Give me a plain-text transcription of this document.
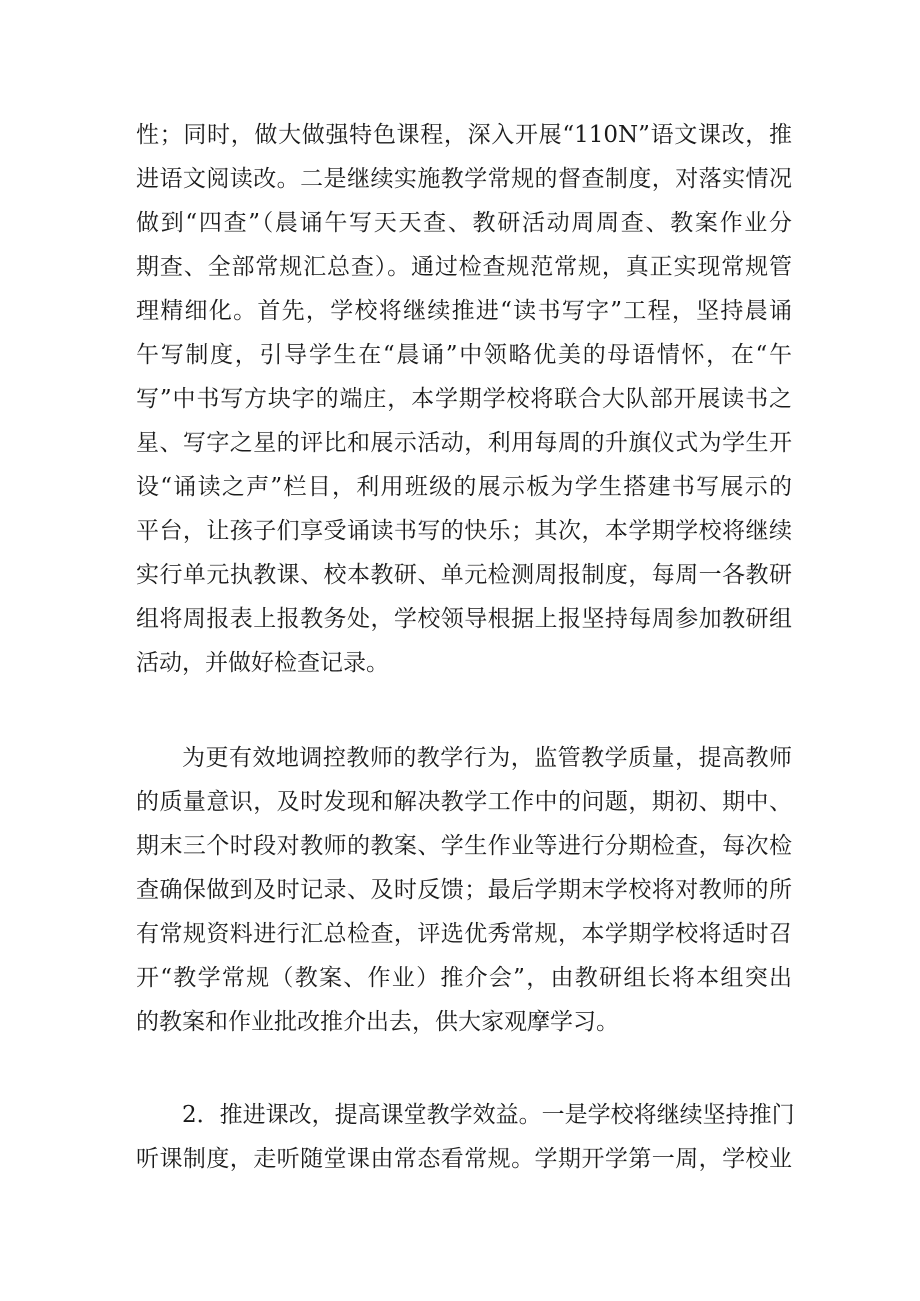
性；同时，做大做强特色课程，深入开展“110N”语文课改，推
进语文阅读改。二是继续实施教学常规的督查制度，对落实情况
做到“四查”（晨诵午写天天查、教研活动周周查、教案作业分
期查、全部常规汇总查）。通过检查规范常规，真正实现常规管
理精细化。首先，学校将继续推进“读书写字”工程，坚持晨诵
午写制度，引导学生在“晨诵”中领略优美的母语情怀，在“午
写”中书写方块字的端庄，本学期学校将联合大队部开展读书之
星、写字之星的评比和展示活动，利用每周的升旗仪式为学生开
设“诵读之声”栏目，利用班级的展示板为学生搭建书写展示的
平台，让孩子们享受诵读书写的快乐；其次，本学期学校将继续
实行单元执教课、校本教研、单元检测周报制度，每周一各教研
组将周报表上报教务处，学校领导根据上报坚持每周参加教研组
活动，并做好检查记录。
为更有效地调控教师的教学行为，监管教学质量，提高教师
的质量意识，及时发现和解决教学工作中的问题，期初、期中、
期末三个时段对教师的教案、学生作业等进行分期检查，每次检
查确保做到及时记录、及时反馈；最后学期末学校将对教师的所
有常规资料进行汇总检查，评选优秀常规，本学期学校将适时召
开“教学常规（教案、作业）推介会”，由教研组长将本组突出
的教案和作业批改推介出去，供大家观摩学习。
2．推进课改，提高课堂教学效益。一是学校将继续坚持推门
听课制度，走听随堂课由常态看常规。学期开学第一周，学校业
